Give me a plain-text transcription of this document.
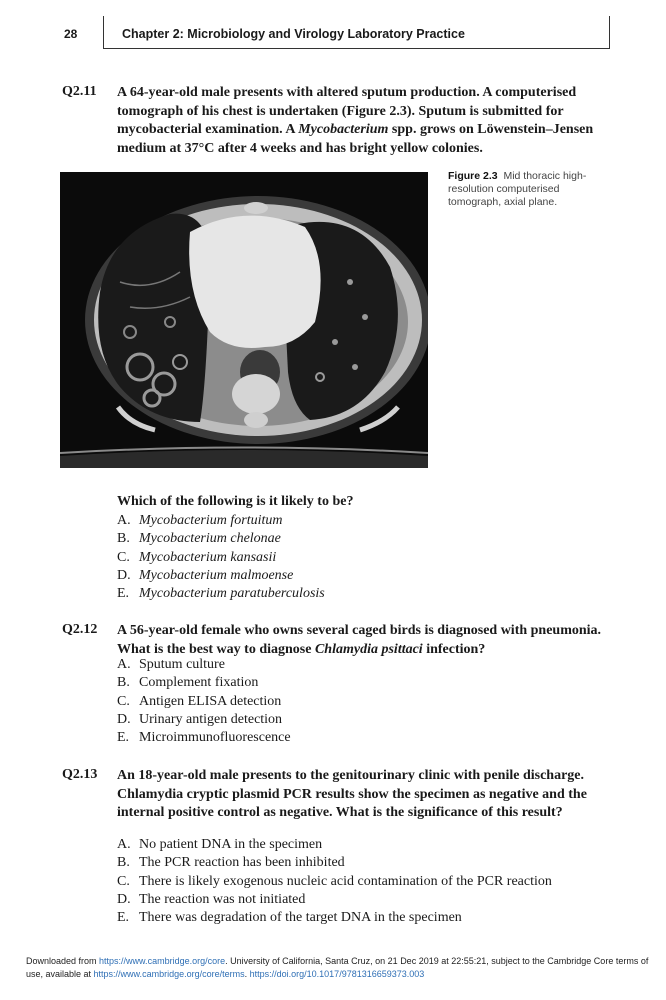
28	Chapter 2: Microbiology and Virology Laboratory Practice
Q2.11 A 64-year-old male presents with altered sputum production. A computerised tomograph of his chest is undertaken (Figure 2.3). Sputum is submitted for mycobacterial examination. A Mycobacterium spp. grows on Löwenstein–Jensen medium at 37°C after 4 weeks and has bright yellow colonies.

Figure 2.3 Mid thoracic high-resolution computerised tomograph, axial plane.
Which of the following is it likely to be?
A. Mycobacterium fortuitum
B. Mycobacterium chelonae
C. Mycobacterium kansasii
D. Mycobacterium malmoense
E. Mycobacterium paratuberculosis
Q2.12 A 56-year-old female who owns several caged birds is diagnosed with pneumonia. What is the best way to diagnose Chlamydia psittaci infection?

A. Sputum culture
B. Complement fixation
C. Antigen ELISA detection
D. Urinary antigen detection
E. Microimmunofluorescence
Q2.13 An 18-year-old male presents to the genitourinary clinic with penile discharge. Chlamydia cryptic plasmid PCR results show the specimen as negative and the internal positive control as negative. What is the significance of this result?

A. No patient DNA in the specimen
B. The PCR reaction has been inhibited
C. There is likely exogenous nucleic acid contamination of the PCR reaction
D. The reaction was not initiated
E. There was degradation of the target DNA in the specimen
Downloaded from https://www.cambridge.org/core. University of California, Santa Cruz, on 21 Dec 2019 at 22:55:21, subject to the Cambridge Core terms of use, available at https://www.cambridge.org/core/terms. https://doi.org/10.1017/9781316659373.003
